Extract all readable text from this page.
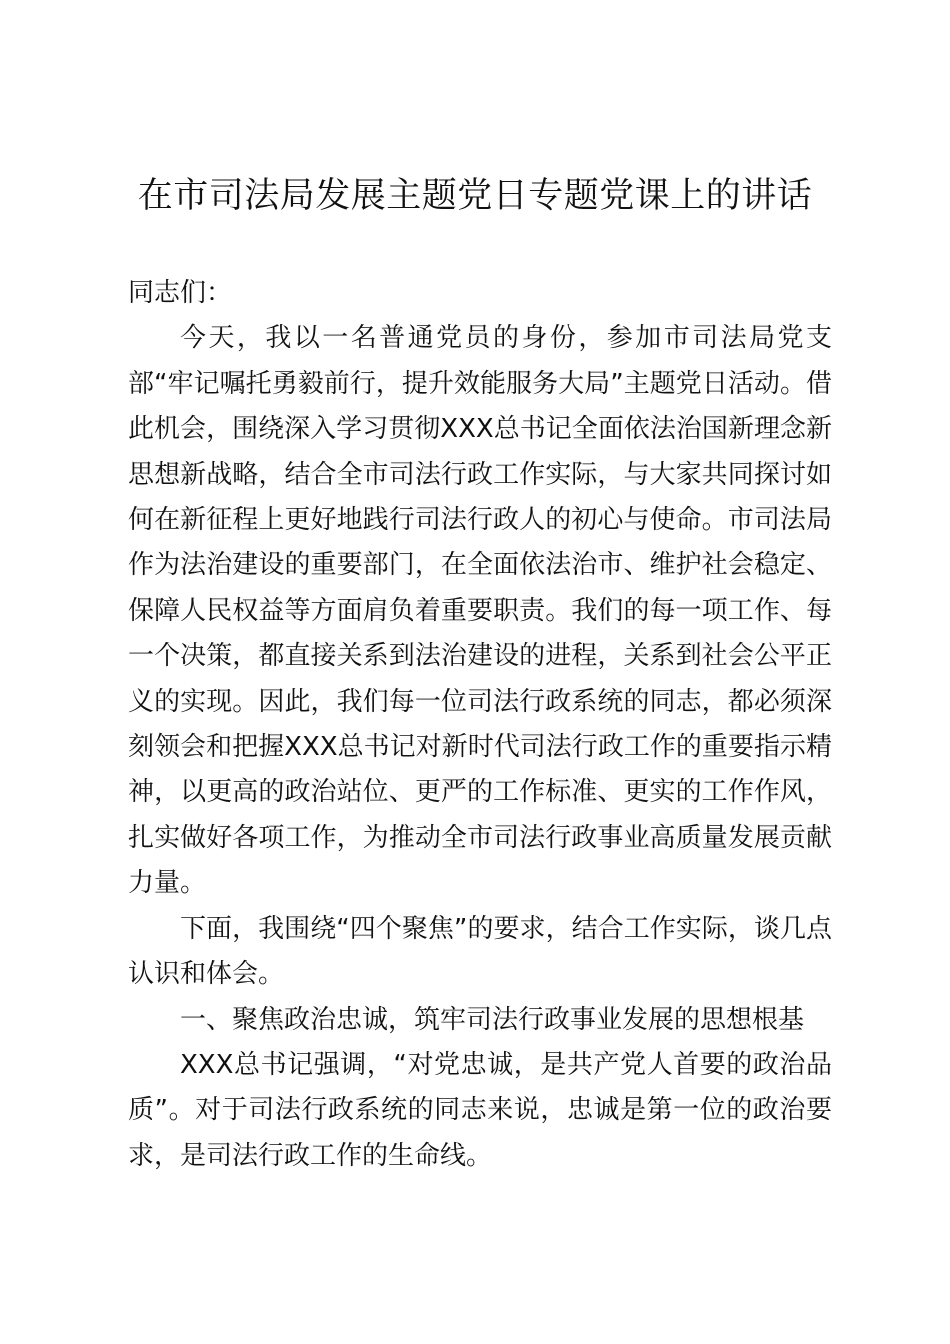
在市司法局发展主题党日专题党课上的讲话

同志们：

今天，我以一名普通党员的身份，参加市司法局党支部“牢记嘱托勇毅前行，提升效能服务大局”主题党日活动。借此机会，围绕深入学习贯彻XXX总书记全面依法治国新理念新思想新战略，结合全市司法行政工作实际，与大家共同探讨如何在新征程上更好地践行司法行政人的初心与使命。市司法局作为法治建设的重要部门，在全面依法治市、维护社会稳定、保障人民权益等方面肩负着重要职责。我们的每一项工作、每一个决策，都直接关系到法治建设的进程，关系到社会公平正义的实现。因此，我们每一位司法行政系统的同志，都必须深刻领会和把握XXX总书记对新时代司法行政工作的重要指示精神，以更高的政治站位、更严的工作标准、更实的工作作风，扎实做好各项工作，为推动全市司法行政事业高质量发展贡献力量。

下面，我围绕“四个聚焦”的要求，结合工作实际，谈几点认识和体会。

一、聚焦政治忠诚，筑牢司法行政事业发展的思想根基

XXX总书记强调，“对党忠诚，是共产党人首要的政治品质”。对于司法行政系统的同志来说，忠诚是第一位的政治要求，是司法行政工作的生命线。
